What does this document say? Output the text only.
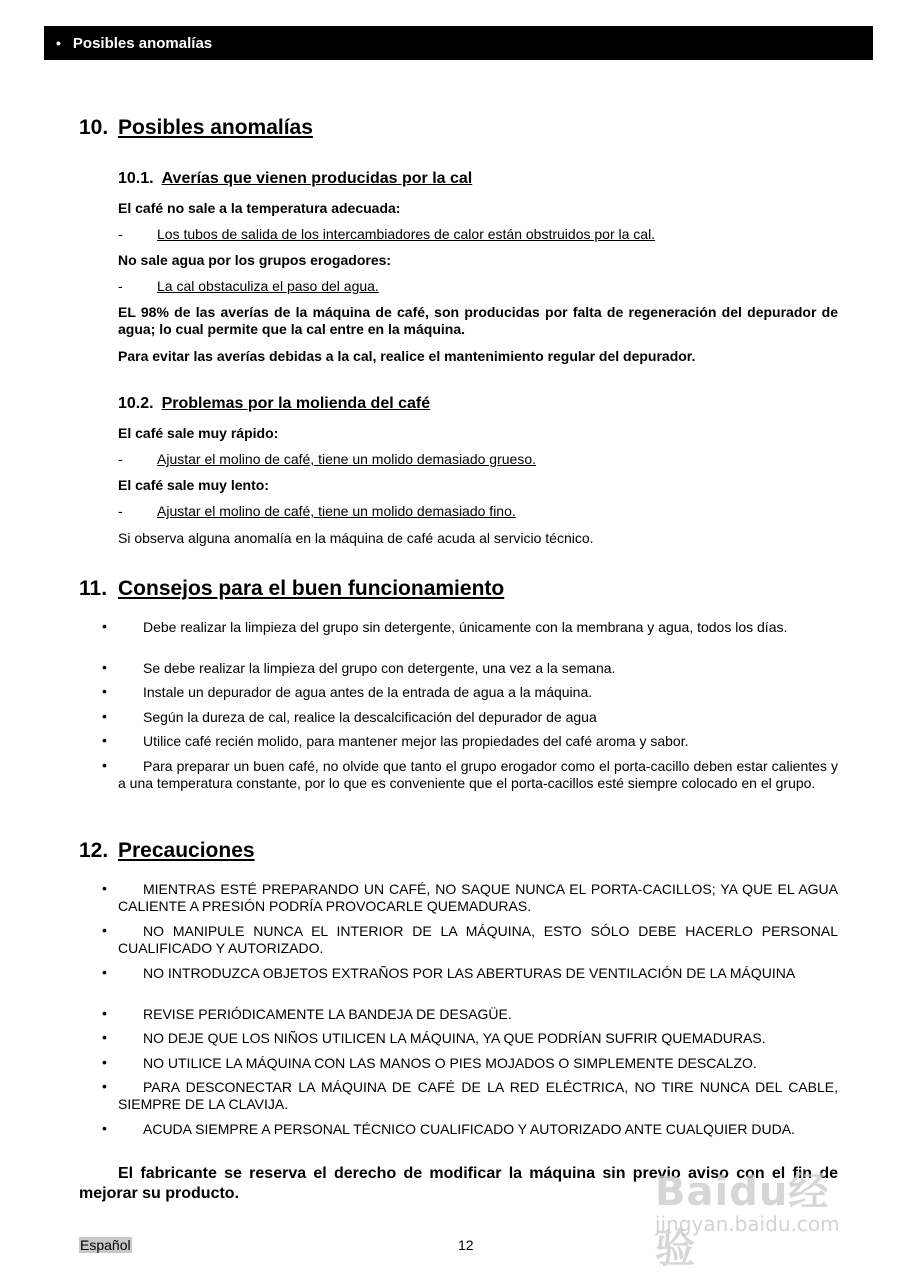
• Posibles anomalías
10. Posibles anomalías
10.1. Averías que vienen producidas por la cal
El café no sale a la temperatura adecuada:
- Los tubos de salida de los intercambiadores de calor están obstruidos por la cal.
No sale agua por los grupos erogadores:
- La cal obstaculiza el paso del agua.
EL 98% de las averías de la máquina de café, son producidas por falta de regeneración del depurador de agua; lo cual permite que la cal entre en la máquina.
Para evitar las averías debidas a la cal, realice el mantenimiento regular del depurador.
10.2. Problemas por la molienda del café
El café sale muy rápido:
- Ajustar el molino de café, tiene un molido demasiado grueso.
El café sale muy lento:
- Ajustar el molino de café, tiene un molido demasiado fino.
Si observa alguna anomalía en la máquina de café acuda al servicio técnico.
11. Consejos para el buen funcionamiento
•	Debe realizar la limpieza del grupo sin detergente, únicamente con la membrana y agua, todos los días.
•	Se debe realizar la limpieza del grupo con detergente, una vez a la semana.
•	Instale un depurador de agua antes de la entrada de agua a la máquina.
•	Según la dureza de cal, realice la descalcificación del depurador de agua
•	Utilice café recién molido, para mantener mejor las propiedades del café aroma y sabor.
•	Para preparar un buen café, no olvide que tanto el grupo erogador como el porta-cacillo deben estar calientes y a una temperatura constante, por lo que es conveniente que el porta-cacillos esté siempre colocado en el grupo.
12. Precauciones
•	MIENTRAS ESTÉ PREPARANDO UN CAFÉ, NO SAQUE NUNCA EL PORTA-CACILLOS; YA QUE EL AGUA CALIENTE A PRESIÓN PODRÍA PROVOCARLE QUEMADURAS.
•	NO MANIPULE NUNCA EL INTERIOR DE LA MÁQUINA, ESTO SÓLO DEBE HACERLO PERSONAL CUALIFICADO Y AUTORIZADO.
•	NO INTRODUZCA OBJETOS EXTRAÑOS POR LAS ABERTURAS DE VENTILACIÓN DE LA MÁQUINA
•	REVISE PERIÓDICAMENTE LA BANDEJA DE DESAGÜE.
•	NO DEJE QUE LOS NIÑOS UTILICEN LA MÁQUINA, YA QUE PODRÍAN SUFRIR QUEMADURAS.
•	NO UTILICE LA MÁQUINA CON LAS MANOS O PIES MOJADOS O SIMPLEMENTE DESCALZO.
•	PARA DESCONECTAR LA MÁQUINA DE CAFÉ DE LA RED ELÉCTRICA, NO TIRE NUNCA DEL CABLE, SIEMPRE DE LA CLAVIJA.
•	ACUDA SIEMPRE A PERSONAL TÉCNICO CUALIFICADO Y AUTORIZADO ANTE CUALQUIER DUDA.
El fabricante se reserva el derecho de modificar la máquina sin previo aviso con el fin de mejorar su producto.
Español	12
Baidu经验
jingyan.baidu.com
